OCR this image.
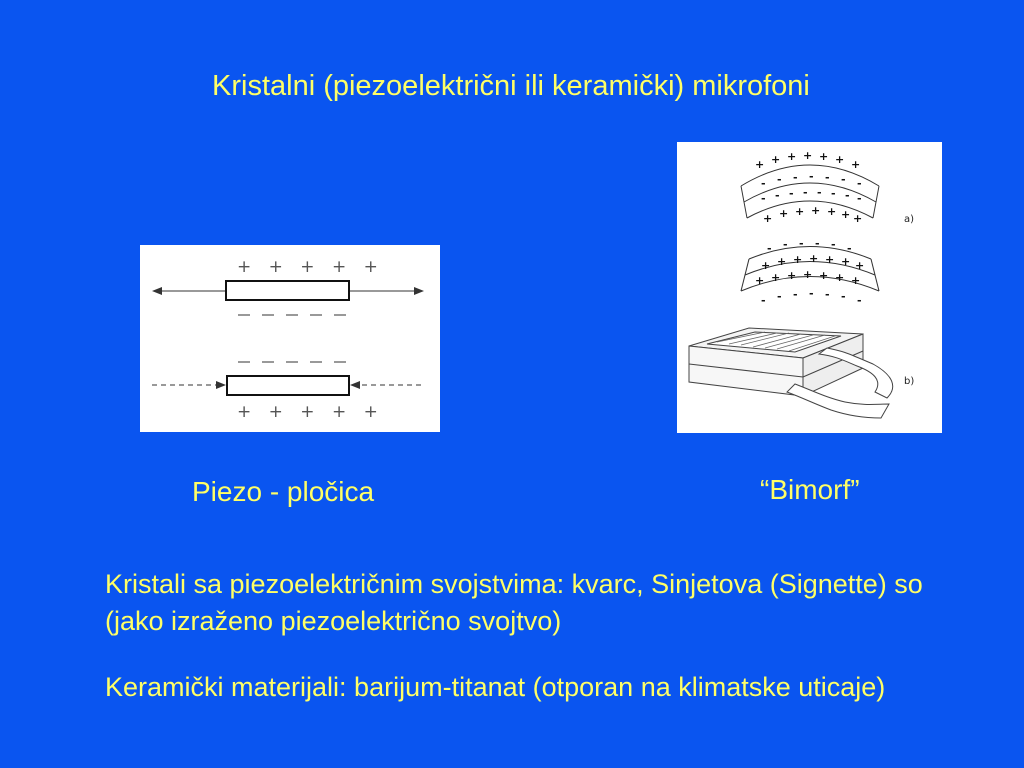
Kristalni (piezoelektrični ili keramički) mikrofoni
+ + + + +
+ + + + +
+ + + + + + +
- - - - - - -
- - - - - - - -
+ + + + + + +	a)
- - - - - -
+ + + + + + +
+ + + + + + +
- - - - - - -
b)
Piezo - pločica	“Bimorf”

Kristali sa piezoelektričnim svojstvima: kvarc, Sinjetova (Signette) so (jako izraženo piezoelektrično svojtvo)

Keramički materijali: barijum-titanat (otporan na klimatske uticaje)
